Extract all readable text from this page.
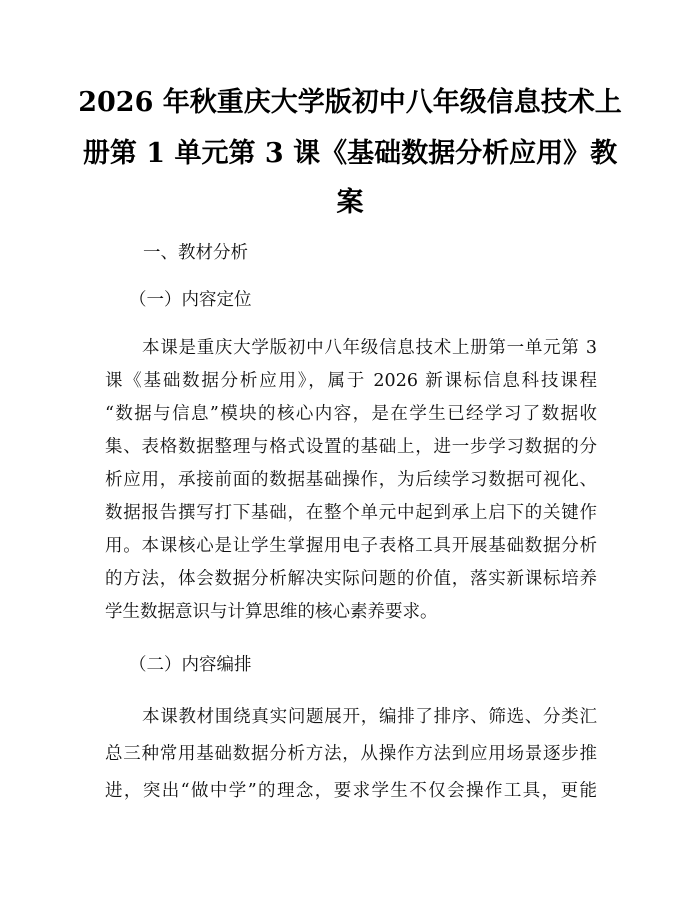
2026 年秋重庆大学版初中八年级信息技术上
册第 1 单元第 3 课《基础数据分析应用》教
案
一、教材分析
（一）内容定位
本课是重庆大学版初中八年级信息技术上册第一单元第 3
课《基础数据分析应用》，属于 2026 新课标信息科技课程
“数据与信息”模块的核心内容，是在学生已经学习了数据收
集、表格数据整理与格式设置的基础上，进一步学习数据的分
析应用，承接前面的数据基础操作，为后续学习数据可视化、
数据报告撰写打下基础，在整个单元中起到承上启下的关键作
用。本课核心是让学生掌握用电子表格工具开展基础数据分析
的方法，体会数据分析解决实际问题的价值，落实新课标培养
学生数据意识与计算思维的核心素养要求。
（二）内容编排
本课教材围绕真实问题展开，编排了排序、筛选、分类汇
总三种常用基础数据分析方法，从操作方法到应用场景逐步推
进，突出“做中学”的理念，要求学生不仅会操作工具，更能
